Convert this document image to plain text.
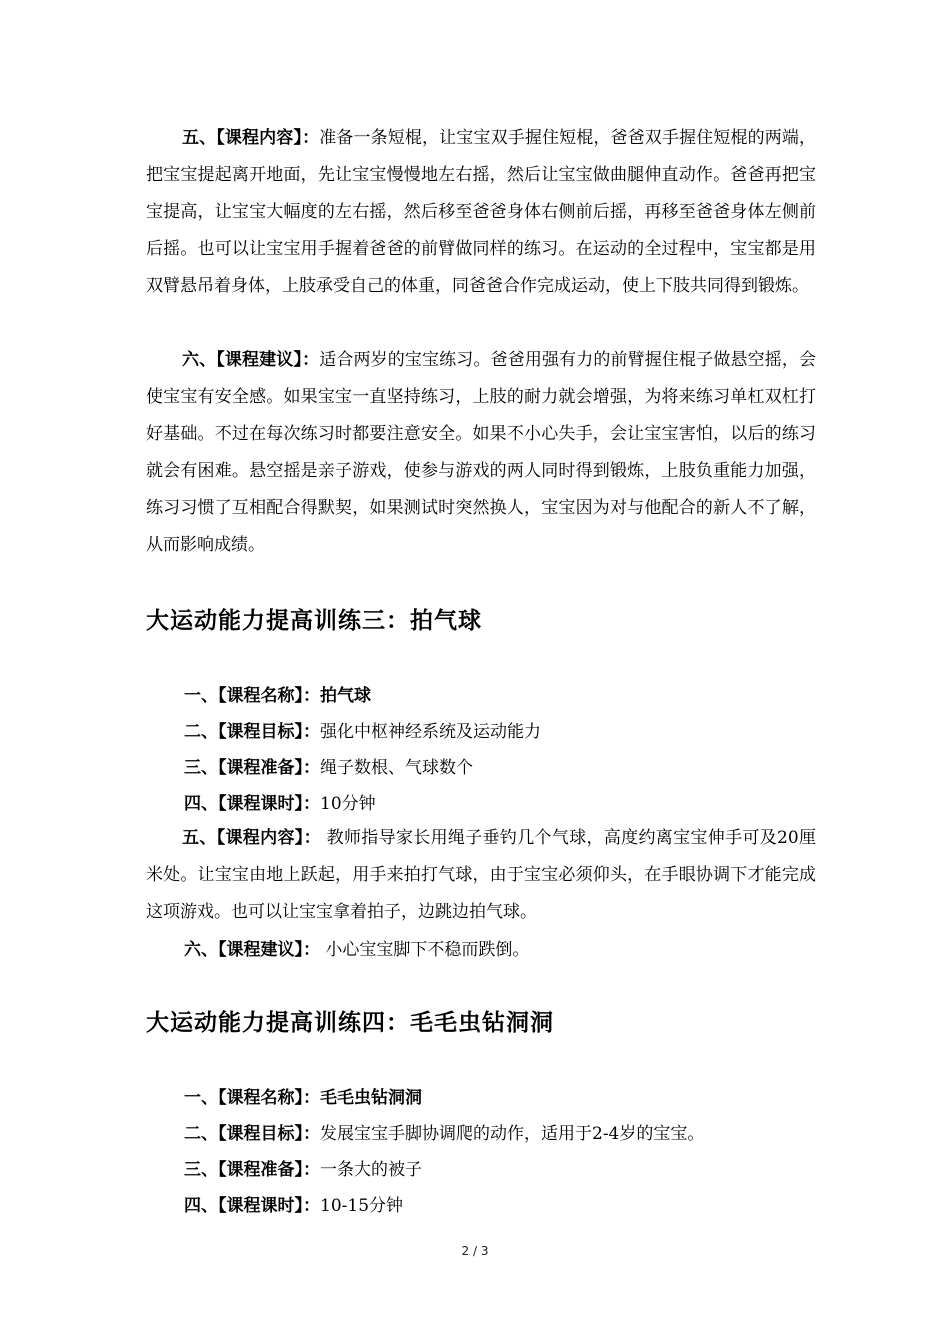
五、【课程内容】：准备一条短棍，让宝宝双手握住短棍，爸爸双手握住短棍的两端，把宝宝提起离开地面，先让宝宝慢慢地左右摇，然后让宝宝做曲腿伸直动作。爸爸再把宝宝提高，让宝宝大幅度的左右摇，然后移至爸爸身体右侧前后摇，再移至爸爸身体左侧前后摇。也可以让宝宝用手握着爸爸的前臂做同样的练习。在运动的全过程中，宝宝都是用双臂悬吊着身体，上肢承受自己的体重，同爸爸合作完成运动，使上下肢共同得到锻炼。

六、【课程建议】：适合两岁的宝宝练习。爸爸用强有力的前臂握住棍子做悬空摇，会使宝宝有安全感。如果宝宝一直坚持练习，上肢的耐力就会增强，为将来练习单杠双杠打好基础。不过在每次练习时都要注意安全。如果不小心失手，会让宝宝害怕，以后的练习就会有困难。悬空摇是亲子游戏，使参与游戏的两人同时得到锻炼，上肢负重能力加强，练习习惯了互相配合得默契，如果测试时突然换人，宝宝因为对与他配合的新人不了解，从而影响成绩。

大运动能力提高训练三：拍气球

一、【课程名称】：拍气球

二、【课程目标】：强化中枢神经系统及运动能力

三、【课程准备】：绳子数根、气球数个

四、【课程课时】：10分钟

五、【课程内容】： 教师指导家长用绳子垂钓几个气球，高度约离宝宝伸手可及20厘米处。让宝宝由地上跃起，用手来拍打气球，由于宝宝必须仰头，在手眼协调下才能完成这项游戏。也可以让宝宝拿着拍子，边跳边拍气球。

六、【课程建议】： 小心宝宝脚下不稳而跌倒。

大运动能力提高训练四：毛毛虫钻洞洞

一、【课程名称】：毛毛虫钻洞洞

二、【课程目标】：发展宝宝手脚协调爬的动作，适用于2-4岁的宝宝。

三、【课程准备】：一条大的被子

四、【课程课时】：10-15分钟

2 / 3
